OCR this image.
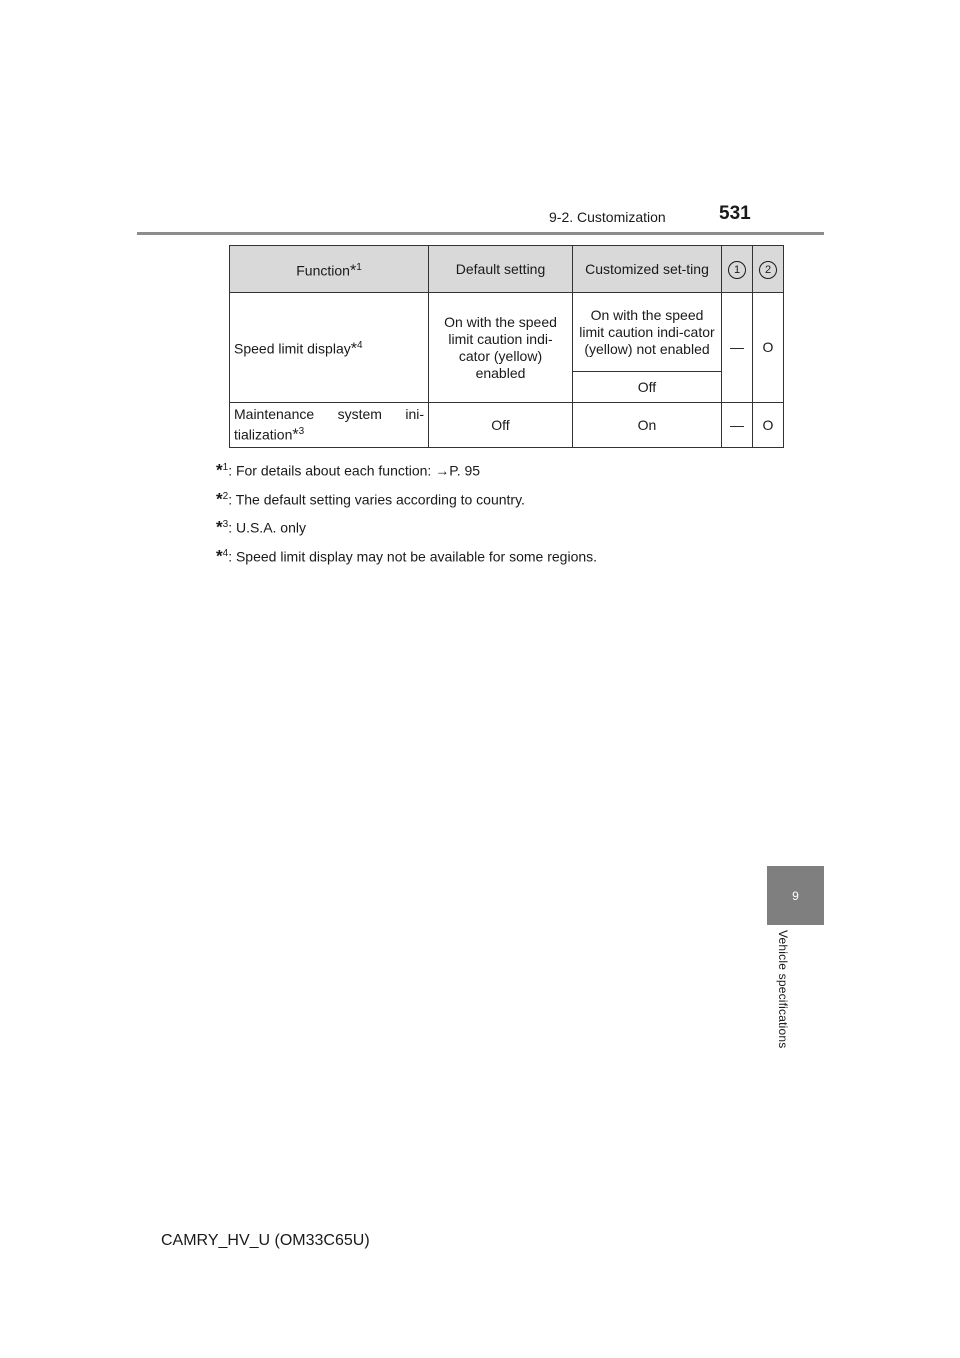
9-2. Customization	531
9
Vehicle specifications
Function*$^1$	Default setting	Customized set-ting	1	2
Speed limit display*$^4$	On with the speed limit caution indi-cator (yellow) enabled	On with the speed limit caution indi-cator (yellow) not enabled	—	O
		Off		
Maintenance system ini-tialization*$^3$	Off	On	—	O
*$^1$: For details about each function: →P. 95
*$^2$: The default setting varies according to country.
*$^3$: U.S.A. only
*$^4$: Speed limit display may not be available for some regions.
CAMRY_HV_U (OM33C65U)
